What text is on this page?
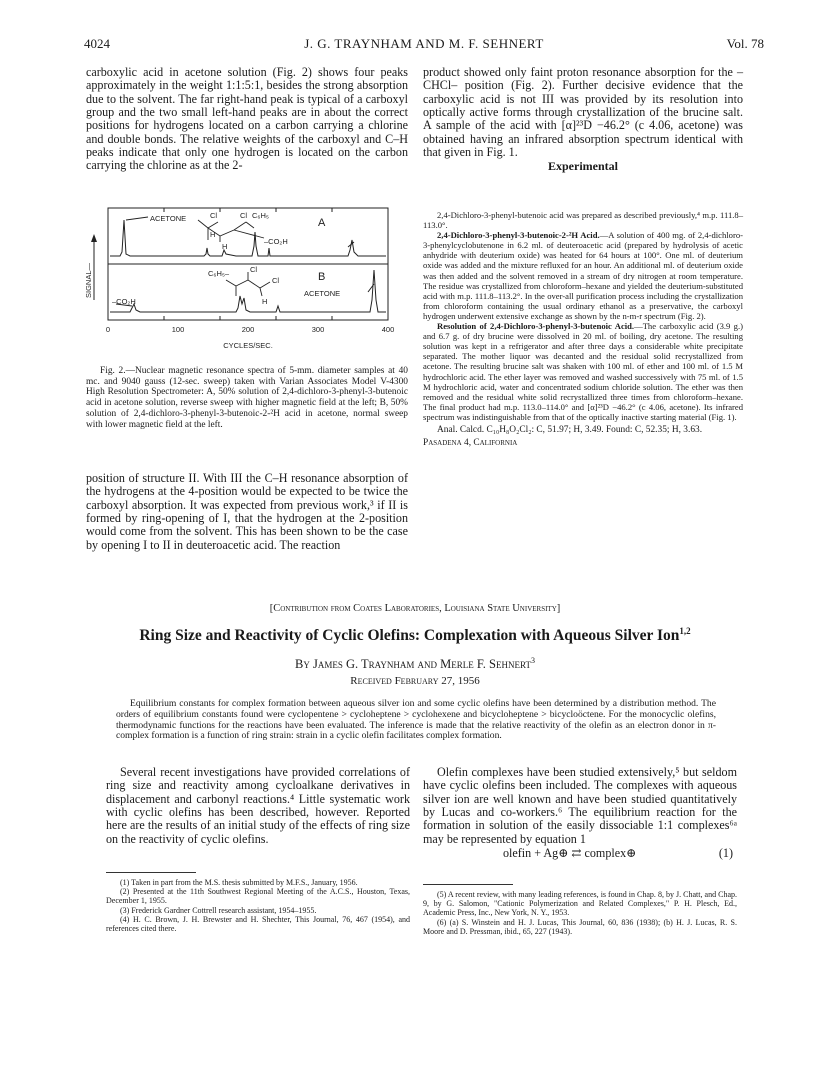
4024	J. G. TRAYNHAM AND M. F. SEHNERT	Vol. 78

carboxylic acid in acetone solution (Fig. 2) shows four peaks approximately in the weight 1:1:5:1, besides the strong absorption due to the solvent. The far right-hand peak is typical of a carboxyl group and the two small left-hand peaks are in about the correct positions for hydrogens located on a carbon carrying a chlorine and double bonds. The relative weights of the carboxyl and C–H peaks indicate that only one hydrogen is located on the carbon carrying the chlorine as at the 2-

ACETONE	Cl	Cl C₆H₅
–CO₂H
H
H
C₆H₅–	Cl
Cl
H
–CO₂H
ACETONE
A
B
SIGNAL—
0	100	200	300	400
CYCLES/SEC.

Fig. 2.—Nuclear magnetic resonance spectra of 5-mm. diameter samples at 40 mc. and 9040 gauss (12-sec. sweep) taken with Varian Associates Model V-4300 High Resolution Spectrometer: A, 50% solution of 2,4-dichloro-3-phenyl-3-butenoic acid in acetone solution, reverse sweep with higher magnetic field at the left; B, 50% solution of 2,4-dichloro-3-phenyl-3-butenoic-2-²H acid in acetone, normal sweep with lower magnetic field at the left.

position of structure II. With III the C–H resonance absorption of the hydrogens at the 4-position would be expected to be twice the carboxyl absorption. It was expected from previous work,³ if II is formed by ring-opening of I, that the hydrogen at the 2-position would come from the solvent. This has been shown to be the case by opening I to II in deuteroacetic acid. The reaction

product showed only faint proton resonance absorption for the –CHCl– position (Fig. 2). Further decisive evidence that the carboxylic acid is not III was provided by its resolution into optically active forms through crystallization of the brucine salt. A sample of the acid with [α]²³D −46.2° (c 4.06, acetone) was obtained having an infrared absorption spectrum identical with that given in Fig. 1.

Experimental

2,4-Dichloro-3-phenyl-butenoic acid was prepared as described previously,⁴ m.p. 111.8–113.0°.

2,4-Dichloro-3-phenyl-3-butenoic-2-²H Acid.—A solution of 400 mg. of 2,4-dichloro-3-phenylcyclobutenone in 6.2 ml. of deuteroacetic acid (prepared by hydrolysis of acetic anhydride with deuterium oxide) was heated for 64 hours at 100°. One ml. of deuterium oxide was added and the mixture refluxed for an hour. An additional ml. of deuterium oxide was then added and the solvent removed in a stream of dry nitrogen at room temperature. The residue was crystallized from chloroform–hexane and yielded the deuterium-substituted acid with m.p. 111.8–113.2°. In the over-all purification process including the crystallization from chloroform containing the usual ordinary ethanol as a preservative, the carboxyl hydrogen underwent extensive exchange as shown by the n-m-r spectrum (Fig. 2).

Resolution of 2,4-Dichloro-3-phenyl-3-butenoic Acid.—The carboxylic acid (3.9 g.) and 6.7 g. of dry brucine were dissolved in 20 ml. of boiling, dry acetone. The resulting solution was kept in a refrigerator and after three days a considerable white precipitate separated. The mother liquor was decanted and the residual solid recrystallized from acetone. The resulting brucine salt was shaken with 100 ml. of ether and 100 ml. of 1.5 M hydrochloric acid. The ether layer was removed and washed successively with 75 ml. of 1.5 M hydrochloric acid, water and concentrated sodium chloride solution. The ether was then removed and the residual white solid recrystallized three times from chloroform–hexane. The final product had m.p. 113.0–114.0° and [α]²³D −46.2° (c 4.06, acetone). Its infrared spectrum was indistinguishable from that of the optically inactive starting material (Fig. 1).

Anal. Calcd. C₁₀H₈O₂Cl₂: C, 51.97; H, 3.49. Found: C, 52.35; H, 3.63.

Pasadena 4, California

[Contribution from Coates Laboratories, Louisiana State University]
Ring Size and Reactivity of Cyclic Olefins: Complexation with Aqueous Silver Ion$^{1,2}$
By James G. Traynham and Merle F. Sehnert$^3$
Received February 27, 1956

Equilibrium constants for complex formation between aqueous silver ion and some cyclic olefins have been determined by a distribution method. The orders of equilibrium constants found were cyclopentene > cycloheptene > cyclohexene and bicycloheptene > bicycloöctene. For the monocyclic olefins, thermodynamic functions for the reactions have been evaluated. The inference is made that the relative reactivity of the olefin as an electron donor in π-complex formation is a function of ring strain: strain in a cyclic olefin facilitates complex formation.

Several recent investigations have provided correlations of ring size and reactivity among cycloalkane derivatives in displacement and carbonyl reactions.⁴ Little systematic work with cyclic olefins has been described, however. Reported here are the results of an initial study of the effects of ring size on the reactivity of cyclic olefins.

Olefin complexes have been studied extensively,⁵ but seldom have cyclic olefins been included. The complexes with aqueous silver ion are well known and have been studied quantitatively by Lucas and co-workers.⁶ The equilibrium reaction for the formation in solution of the easily dissociable 1:1 complexes⁶ᵃ may be represented by equation 1

olefin + Ag⊕ ⇄ complex⊕	(1)

(1) Taken in part from the M.S. thesis submitted by M.F.S., January, 1956.

(2) Presented at the 11th Southwest Regional Meeting of the A.C.S., Houston, Texas, December 1, 1955.

(3) Frederick Gardner Cottrell research assistant, 1954–1955.

(4) H. C. Brown, J. H. Brewster and H. Shechter, This Journal, 76, 467 (1954), and references cited there.

(5) A recent review, with many leading references, is found in Chap. 8, by J. Chatt, and Chap. 9, by G. Salomon, "Cationic Polymerization and Related Complexes," P. H. Plesch, Ed., Academic Press, Inc., New York, N. Y., 1953.

(6) (a) S. Winstein and H. J. Lucas, This Journal, 60, 836 (1938); (b) H. J. Lucas, R. S. Moore and D. Pressman, ibid., 65, 227 (1943).
